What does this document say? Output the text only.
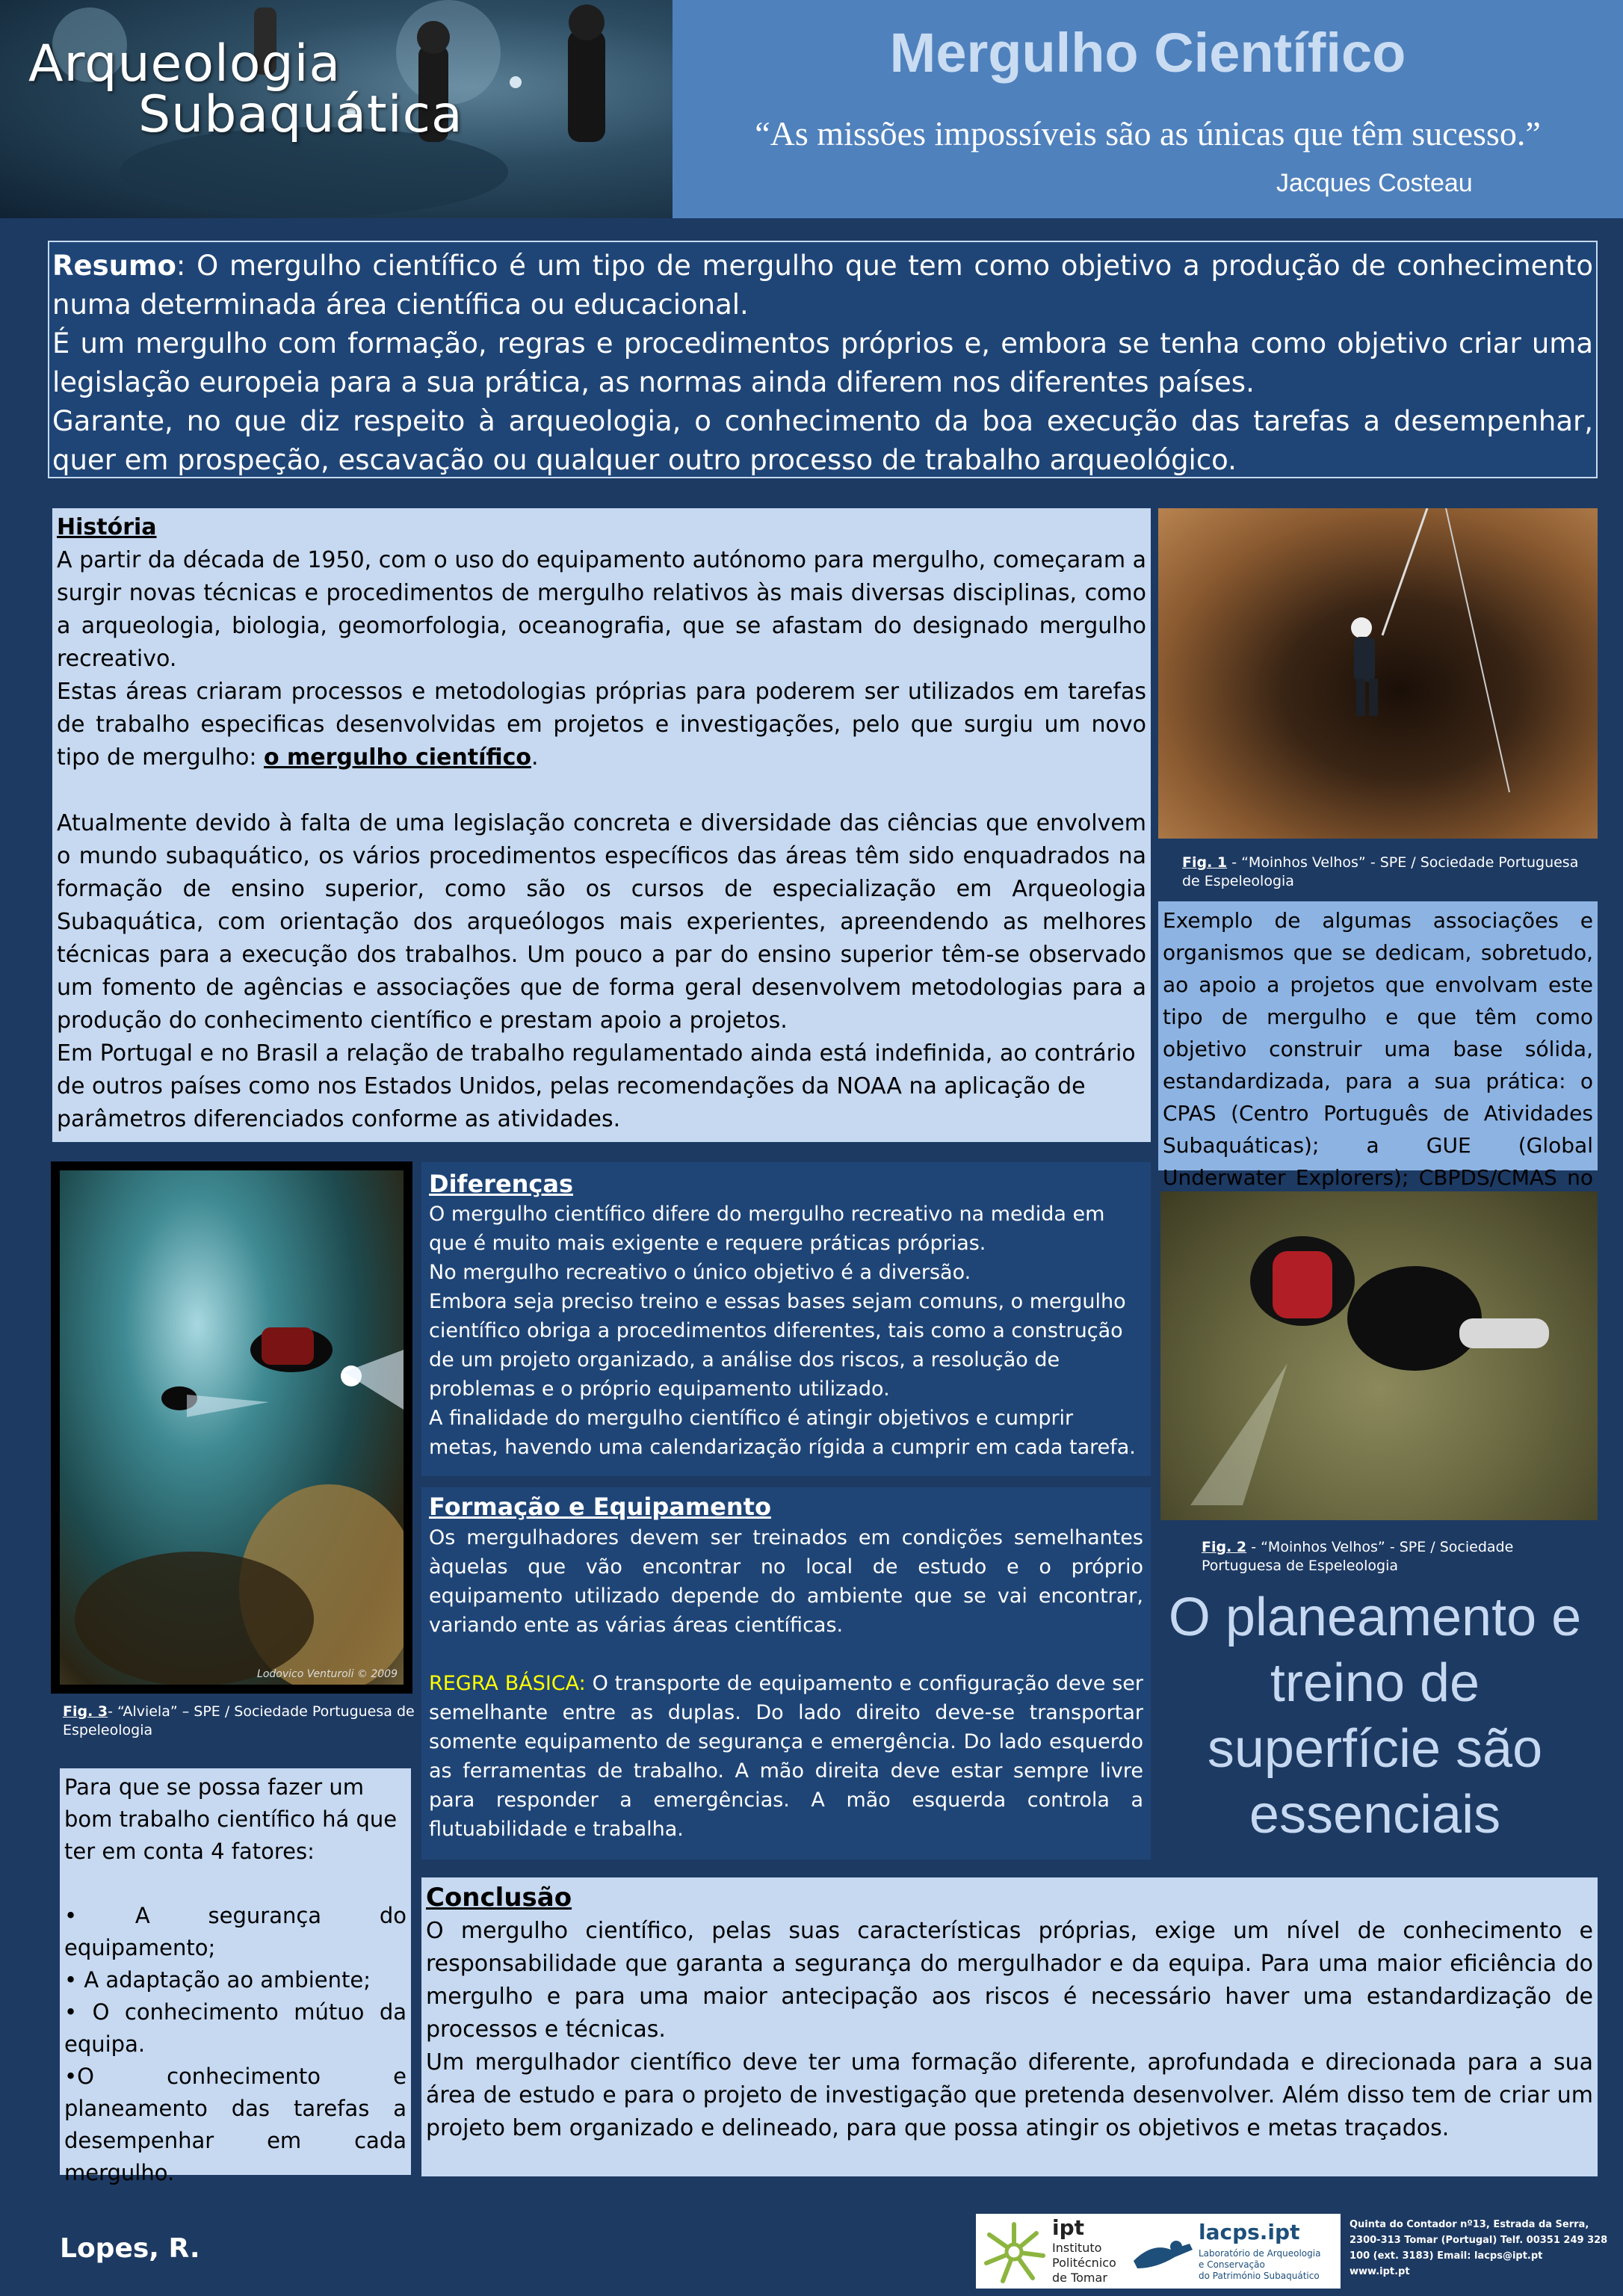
Arqueologia
Subaquática
Mergulho Científico
“As missões impossíveis são as únicas que têm sucesso.”
Jacques Costeau

Resumo: O mergulho científico é um tipo de mergulho que tem como objetivo a produção de conhecimento numa determinada área científica ou educacional.

É um mergulho com formação, regras e procedimentos próprios e, embora se tenha como objetivo criar uma legislação europeia para a sua prática, as normas ainda diferem nos diferentes países.

Garante, no que diz respeito à arqueologia, o conhecimento da boa execução das tarefas a desempenhar, quer em prospeção, escavação ou qualquer outro processo de trabalho arqueológico.

História

A partir da década de 1950, com o uso do equipamento autónomo para mergulho, começaram a surgir novas técnicas e procedimentos de mergulho relativos às mais diversas disciplinas, como a arqueologia, biologia, geomorfologia, oceanografia, que se afastam do designado mergulho recreativo.

Estas áreas criaram processos e metodologias próprias para poderem ser utilizados em tarefas de trabalho especificas desenvolvidas em projetos e investigações, pelo que surgiu um novo tipo de mergulho: o mergulho científico.

Atualmente devido à falta de uma legislação concreta e diversidade das ciências que envolvem o mundo subaquático, os vários procedimentos específicos das áreas têm sido enquadrados na formação de ensino superior, como são os cursos de especialização em Arqueologia Subaquática, com orientação dos arqueólogos mais experientes, apreendendo as melhores técnicas para a execução dos trabalhos. Um pouco a par do ensino superior têm-se observado um fomento de agências e associações que de forma geral desenvolvem metodologias para a produção do conhecimento científico e prestam apoio a projetos.

Em Portugal e no Brasil a relação de trabalho regulamentado ainda está indefinida, ao contrário de outros países como nos Estados Unidos, pelas recomendações da NOAA na aplicação de parâmetros diferenciados conforme as atividades.

Fig. 1 - “Moinhos Velhos” - SPE / Sociedade Portuguesa de Espeleologia

Exemplo de algumas associações e organismos que se dedicam, sobretudo, ao apoio a projetos que envolvam este tipo de mergulho e que têm como objetivo construir uma base sólida, estandardizada, para a sua prática: o CPAS (Centro Português de Atividades Subaquáticas); a GUE (Global Underwater Explorers); CBPDS/CMAS no

Fig. 2 - “Moinhos Velhos” - SPE / Sociedade Portuguesa de Espeleologia
O planeamento e treino de superfície são essenciais
Lodovico Venturoli © 2009
Fig. 3- “Alviela” – SPE / Sociedade Portuguesa de Espeleologia
Diferenças

O mergulho científico difere do mergulho recreativo na medida em que é muito mais exigente e requere práticas próprias.

No mergulho recreativo o único objetivo é a diversão.

Embora seja preciso treino e essas bases sejam comuns, o mergulho científico obriga a procedimentos diferentes, tais como a construção de um projeto organizado, a análise dos riscos, a resolução de problemas e o próprio equipamento utilizado.

A finalidade do mergulho científico é atingir objetivos e cumprir metas, havendo uma calendarização rígida a cumprir em cada tarefa.

Formação e Equipamento

Os mergulhadores devem ser treinados em condições semelhantes àquelas que vão encontrar no local de estudo e o próprio equipamento utilizado depende do ambiente que se vai encontrar, variando ente as várias áreas científicas.

REGRA BÁSICA: O transporte de equipamento e configuração deve ser semelhante entre as duplas. Do lado direito deve-se transportar somente equipamento de segurança e emergência. Do lado esquerdo as ferramentas de trabalho. A mão direita deve estar sempre livre para responder a emergências. A mão esquerda controla a flutuabilidade e trabalha.

Para que se possa fazer um bom trabalho científico há que ter em conta 4 fatores:

• A segurança do equipamento;

• A adaptação ao ambiente;

• O conhecimento mútuo da equipa.

•O conhecimento e planeamento das tarefas a desempenhar em cada mergulho.

Conclusão

O mergulho científico, pelas suas características próprias, exige um nível de conhecimento e responsabilidade que garanta a segurança do mergulhador e da equipa. Para uma maior eficiência do mergulho e para uma maior antecipação aos riscos é necessário haver uma estandardização de processos e técnicas.

Um mergulhador científico deve ter uma formação diferente, aprofundada e direcionada para a sua área de estudo e para o projeto de investigação que pretenda desenvolver. Além disso tem de criar um projeto bem organizado e delineado, para que possa atingir os objetivos e metas traçados.

Lopes, R.
ipt
Instituto
Politécnico
de Tomar
lacps.ipt
Laboratório de Arqueologia
e Conservação
do Património Subaquático
Quinta do Contador nº13, Estrada da Serra,
2300-313 Tomar (Portugal) Telf. 00351 249 328
100 (ext. 3183) Email: lacps@ipt.pt
www.ipt.pt
